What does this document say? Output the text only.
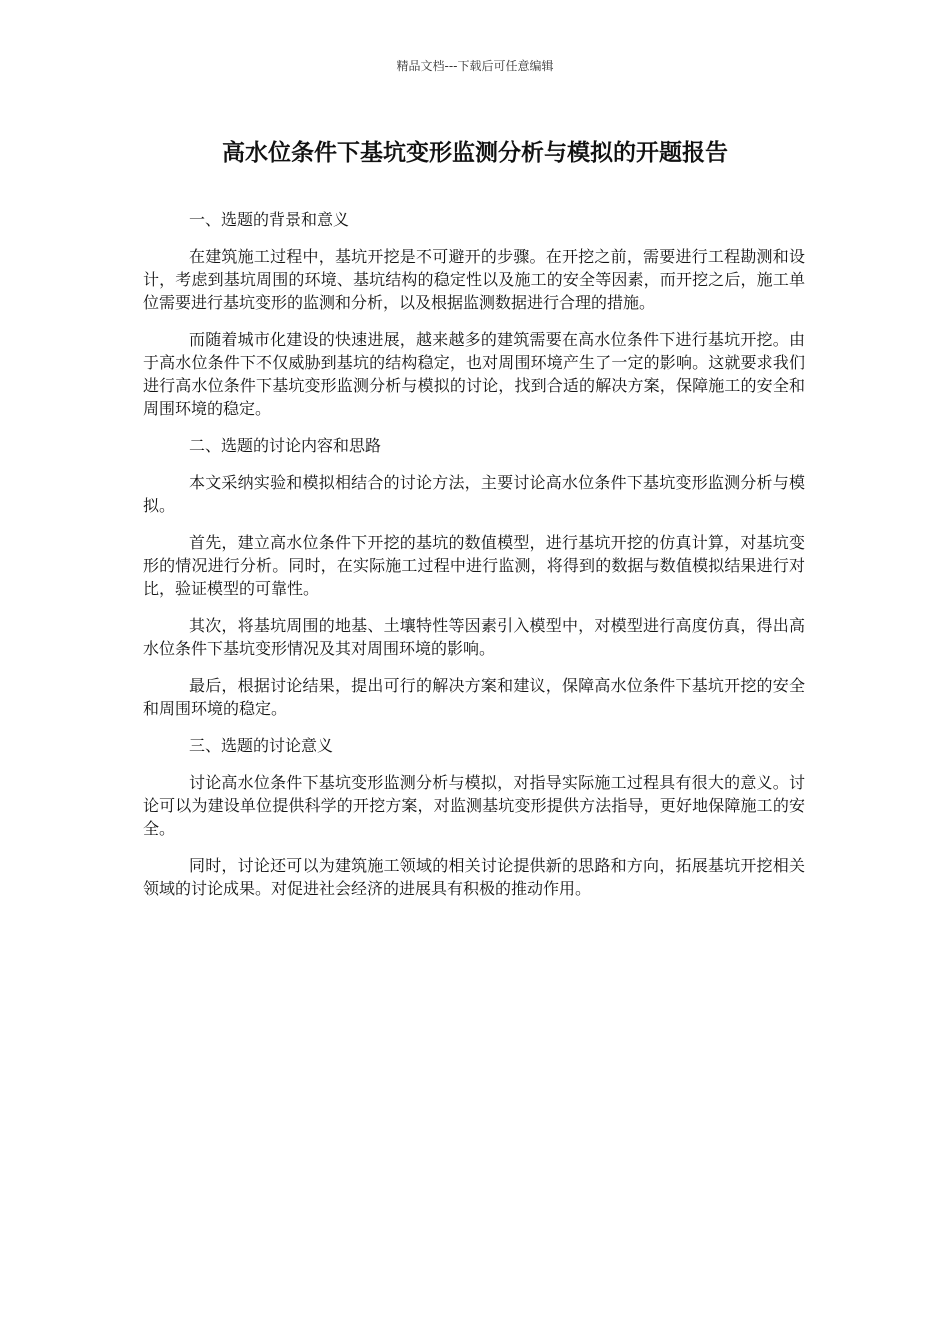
精品文档---下载后可任意编辑
高水位条件下基坑变形监测分析与模拟的开题报告

一、选题的背景和意义

在建筑施工过程中，基坑开挖是不可避开的步骤。在开挖之前，需要进行工程勘测和设计，考虑到基坑周围的环境、基坑结构的稳定性以及施工的安全等因素，而开挖之后，施工单位需要进行基坑变形的监测和分析，以及根据监测数据进行合理的措施。

而随着城市化建设的快速进展，越来越多的建筑需要在高水位条件下进行基坑开挖。由于高水位条件下不仅威胁到基坑的结构稳定，也对周围环境产生了一定的影响。这就要求我们进行高水位条件下基坑变形监测分析与模拟的讨论，找到合适的解决方案，保障施工的安全和周围环境的稳定。

二、选题的讨论内容和思路

本文采纳实验和模拟相结合的讨论方法，主要讨论高水位条件下基坑变形监测分析与模拟。

首先，建立高水位条件下开挖的基坑的数值模型，进行基坑开挖的仿真计算，对基坑变形的情况进行分析。同时，在实际施工过程中进行监测，将得到的数据与数值模拟结果进行对比，验证模型的可靠性。

其次，将基坑周围的地基、土壤特性等因素引入模型中，对模型进行高度仿真，得出高水位条件下基坑变形情况及其对周围环境的影响。

最后，根据讨论结果，提出可行的解决方案和建议，保障高水位条件下基坑开挖的安全和周围环境的稳定。

三、选题的讨论意义

讨论高水位条件下基坑变形监测分析与模拟，对指导实际施工过程具有很大的意义。讨论可以为建设单位提供科学的开挖方案，对监测基坑变形提供方法指导，更好地保障施工的安全。

同时，讨论还可以为建筑施工领域的相关讨论提供新的思路和方向，拓展基坑开挖相关领域的讨论成果。对促进社会经济的进展具有积极的推动作用。
